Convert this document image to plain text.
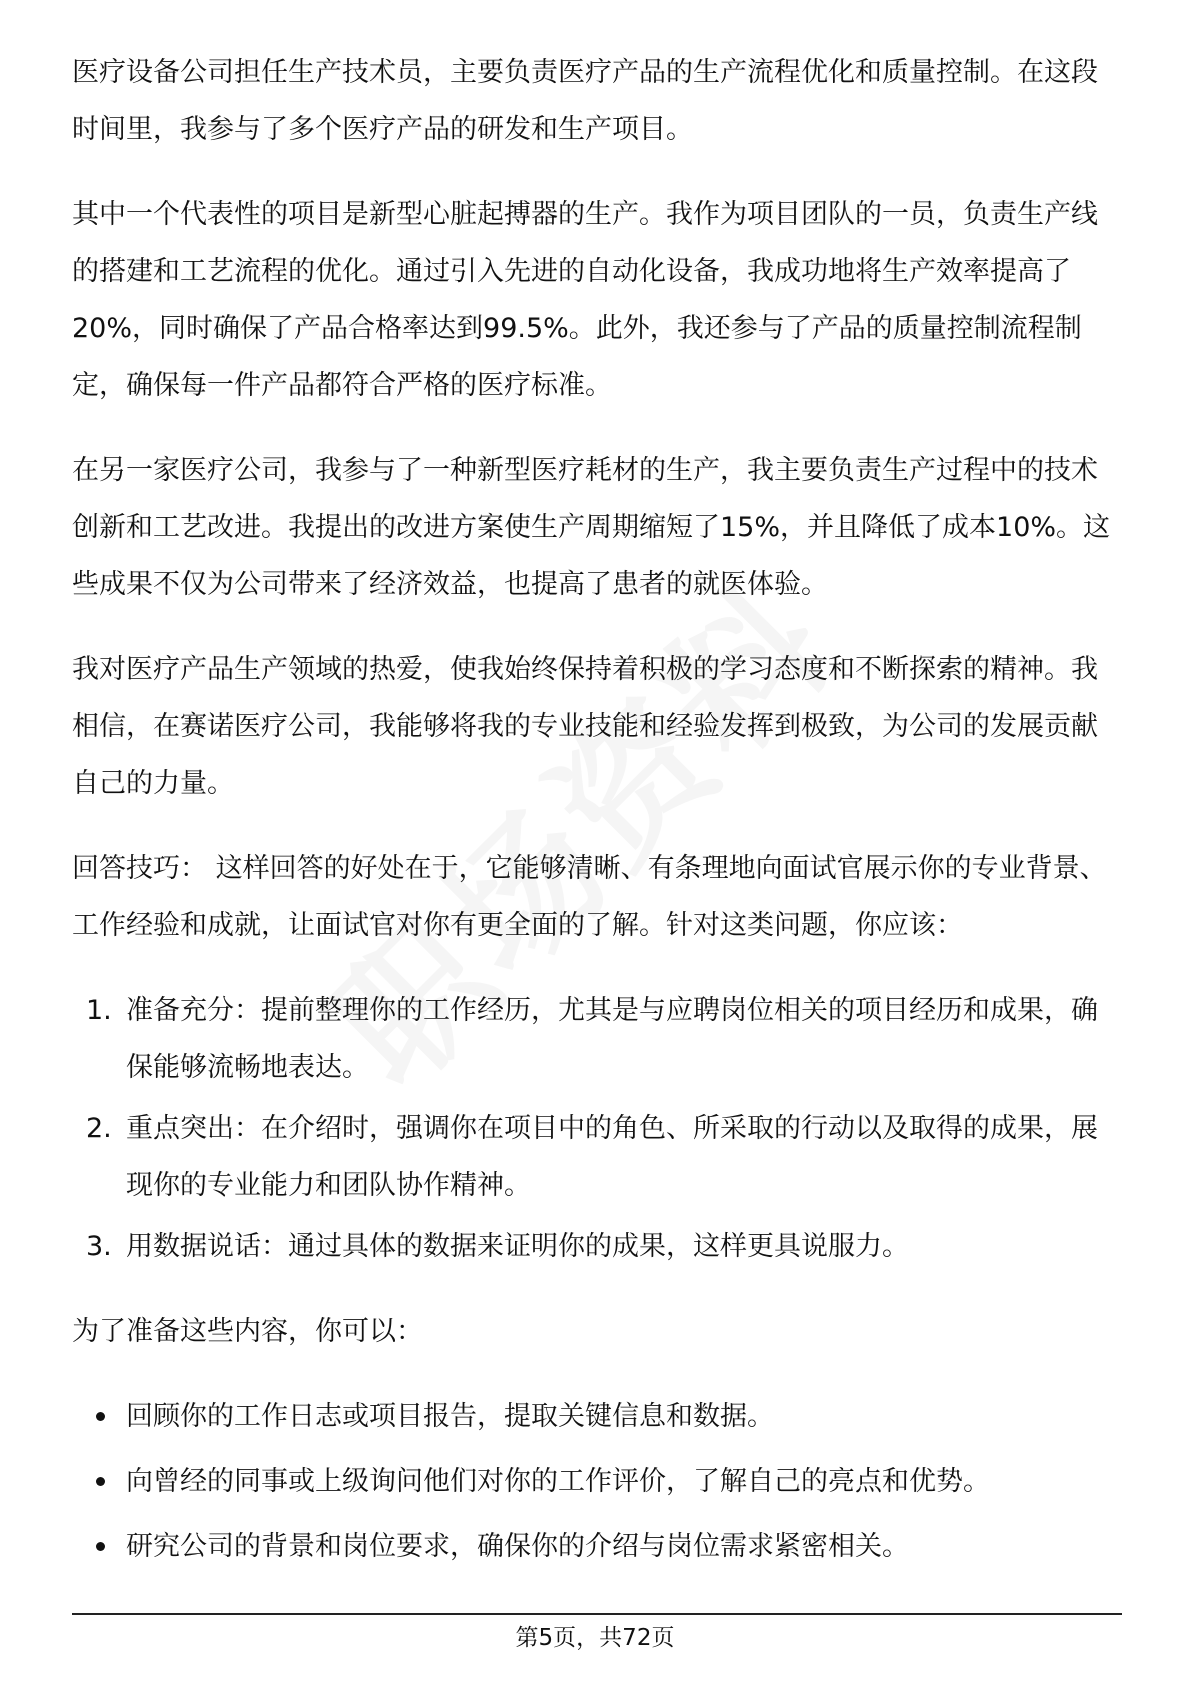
医疗设备公司担任生产技术员，主要负责医疗产品的生产流程优化和质量控制。在这段时间里，我参与了多个医疗产品的研发和生产项目。

其中一个代表性的项目是新型心脏起搏器的生产。我作为项目团队的一员，负责生产线的搭建和工艺流程的优化。通过引入先进的自动化设备，我成功地将生产效率提高了20%，同时确保了产品合格率达到99.5%。此外，我还参与了产品的质量控制流程制定，确保每一件产品都符合严格的医疗标准。

在另一家医疗公司，我参与了一种新型医疗耗材的生产，我主要负责生产过程中的技术创新和工艺改进。我提出的改进方案使生产周期缩短了15%，并且降低了成本10%。这些成果不仅为公司带来了经济效益，也提高了患者的就医体验。

我对医疗产品生产领域的热爱，使我始终保持着积极的学习态度和不断探索的精神。我相信，在赛诺医疗公司，我能够将我的专业技能和经验发挥到极致，为公司的发展贡献自己的力量。

回答技巧： 这样回答的好处在于，它能够清晰、有条理地向面试官展示你的专业背景、工作经验和成就，让面试官对你有更全面的了解。针对这类问题，你应该：

1. 准备充分：提前整理你的工作经历，尤其是与应聘岗位相关的项目经历和成果，确保能够流畅地表达。
2. 重点突出：在介绍时，强调你在项目中的角色、所采取的行动以及取得的成果，展现你的专业能力和团队协作精神。
3. 用数据说话：通过具体的数据来证明你的成果，这样更具说服力。

为了准备这些内容，你可以：

回顾你的工作日志或项目报告，提取关键信息和数据。
向曾经的同事或上级询问他们对你的工作评价，了解自己的亮点和优势。
研究公司的背景和岗位要求，确保你的介绍与岗位需求紧密相关。
第5页，共72页
